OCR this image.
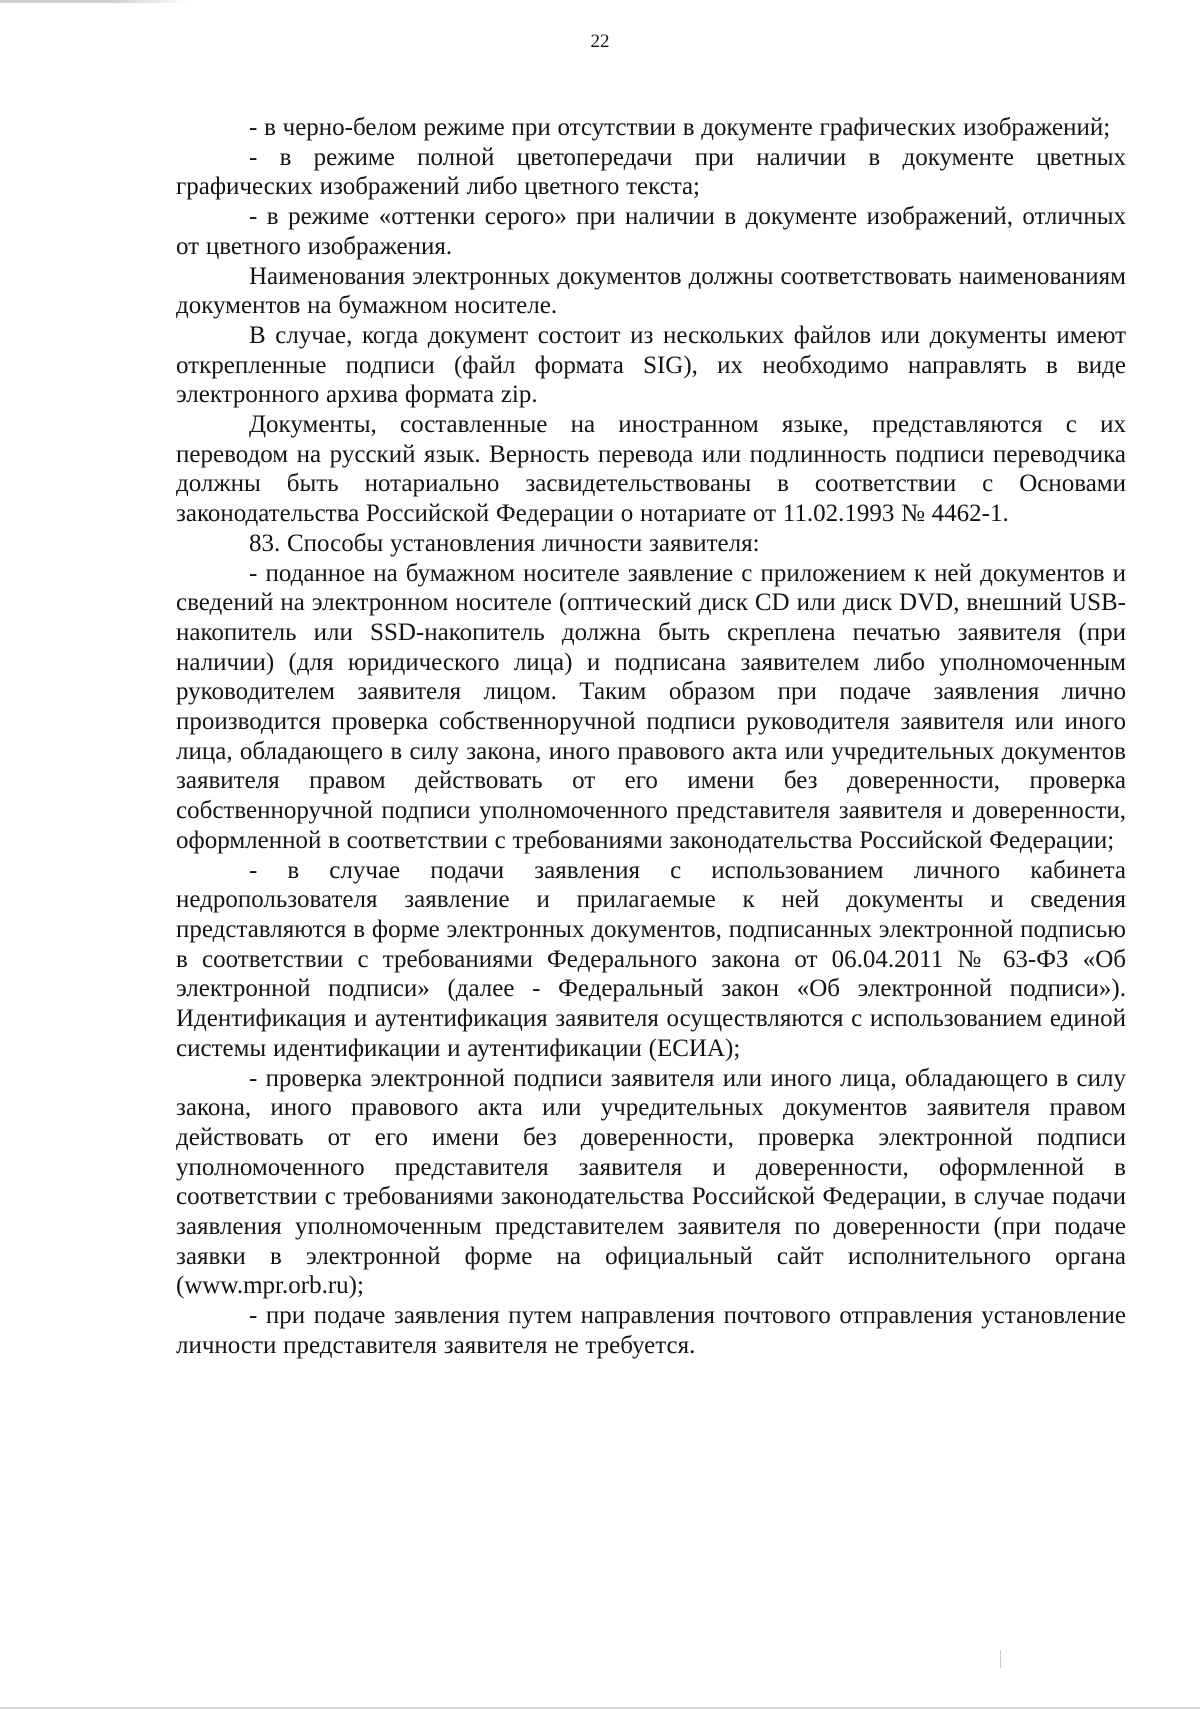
22

- в черно-белом режиме при отсутствии в документе графических изображений;

- в режиме полной цветопередачи при наличии в документе цветных графических изображений либо цветного текста;

- в режиме «оттенки серого» при наличии в документе изображений, отличных от цветного изображения.

Наименования электронных документов должны соответствовать наименованиям документов на бумажном носителе.

В случае, когда документ состоит из нескольких файлов или документы имеют открепленные подписи (файл формата SIG), их необходимо направлять в виде электронного архива формата zip.

Документы, составленные на иностранном языке, представляются с их переводом на русский язык. Верность перевода или подлинность подписи переводчика должны быть нотариально засвидетельствованы в соответствии с Основами законодательства Российской Федерации о нотариате от 11.02.1993 № 4462-1.

83. Способы установления личности заявителя:

- поданное на бумажном носителе заявление с приложением к ней документов и сведений на электронном носителе (оптический диск CD или диск DVD, внешний USB-накопитель или SSD-накопитель должна быть скреплена печатью заявителя (при наличии) (для юридического лица) и подписана заявителем либо уполномоченным руководителем заявителя лицом. Таким образом при подаче заявления лично производится проверка собственноручной подписи руководителя заявителя или иного лица, обладающего в силу закона, иного правового акта или учредительных документов заявителя правом действовать от его имени без доверенности, проверка собственноручной подписи уполномоченного представителя заявителя и доверенности, оформленной в соответствии с требованиями законодательства Российской Федерации;

- в случае подачи заявления с использованием личного кабинета недропользователя заявление и прилагаемые к ней документы и сведения представляются в форме электронных документов, подписанных электронной подписью в соответствии с требованиями Федерального закона от 06.04.2011 № 63-ФЗ «Об электронной подписи» (далее - Федеральный закон «Об электронной подписи»). Идентификация и аутентификация заявителя осуществляются с использованием единой системы идентификации и аутентификации (ЕСИА);

- проверка электронной подписи заявителя или иного лица, обладающего в силу закона, иного правового акта или учредительных документов заявителя правом действовать от его имени без доверенности, проверка электронной подписи уполномоченного представителя заявителя и доверенности, оформленной в соответствии с требованиями законодательства Российской Федерации, в случае подачи заявления уполномоченным представителем заявителя по доверенности (при подаче заявки в электронной форме на официальный сайт исполнительного органа (www.mpr.orb.ru);

- при подаче заявления путем направления почтового отправления установление личности представителя заявителя не требуется.
